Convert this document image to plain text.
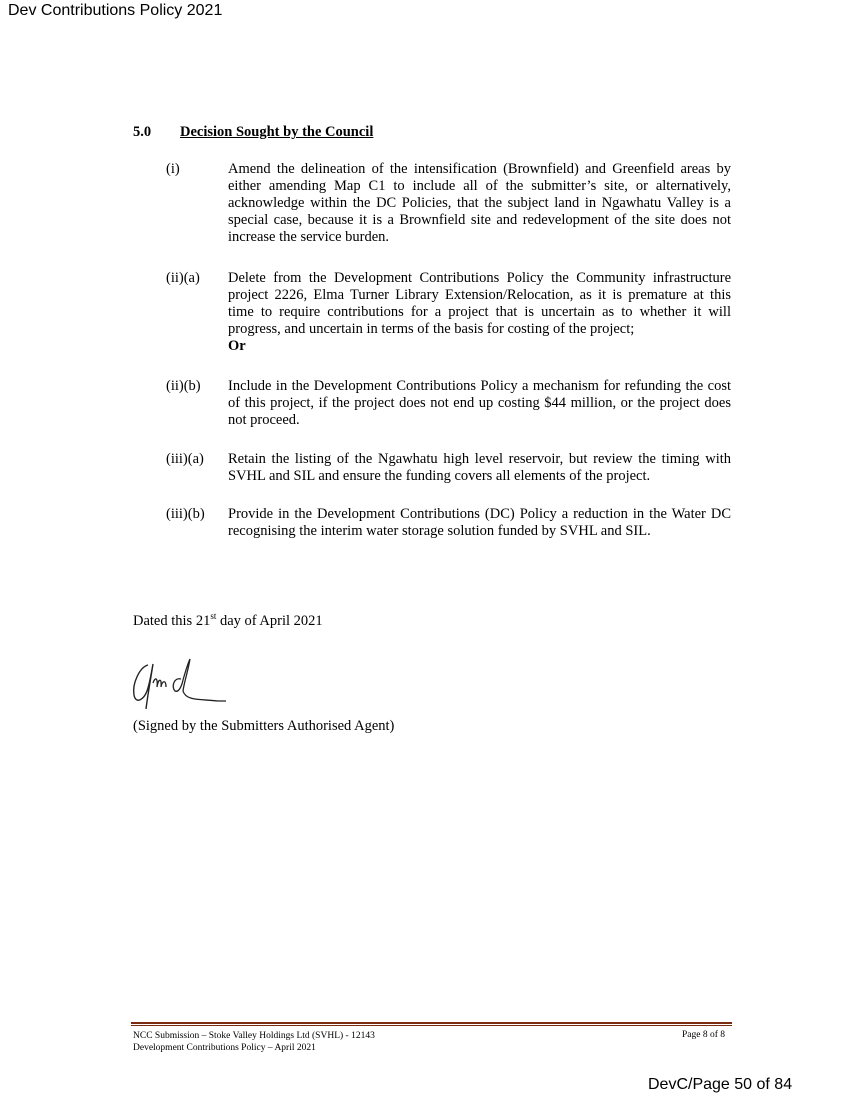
Dev Contributions Policy 2021
5.0 Decision Sought by the Council
(i)	Amend the delineation of the intensification (Brownfield) and Greenfield areas by either amending Map C1 to include all of the submitter’s site, or alternatively, acknowledge within the DC Policies, that the subject land in Ngawhatu Valley is a special case, because it is a Brownfield site and redevelopment of the site does not increase the service burden.
(ii)(a) Delete from the Development Contributions Policy the Community infrastructure project 2226, Elma Turner Library Extension/Relocation, as it is premature at this time to require contributions for a project that is uncertain as to whether it will progress, and uncertain in terms of the basis for costing of the project;
Or
(ii)(b) Include in the Development Contributions Policy a mechanism for refunding the cost of this project, if the project does not end up costing $44 million, or the project does not proceed.
(iii)(a) Retain the listing of the Ngawhatu high level reservoir, but review the timing with SVHL and SIL and ensure the funding covers all elements of the project.
(iii)(b) Provide in the Development Contributions (DC) Policy a reduction in the Water DC recognising the interim water storage solution funded by SVHL and SIL.
Dated this 21st day of April 2021
(Signed by the Submitters Authorised Agent)
NCC Submission – Stoke Valley Holdings Ltd (SVHL) - 12143
Development Contributions Policy – April 2021
Page 8 of 8
DevC/Page 50 of 84
